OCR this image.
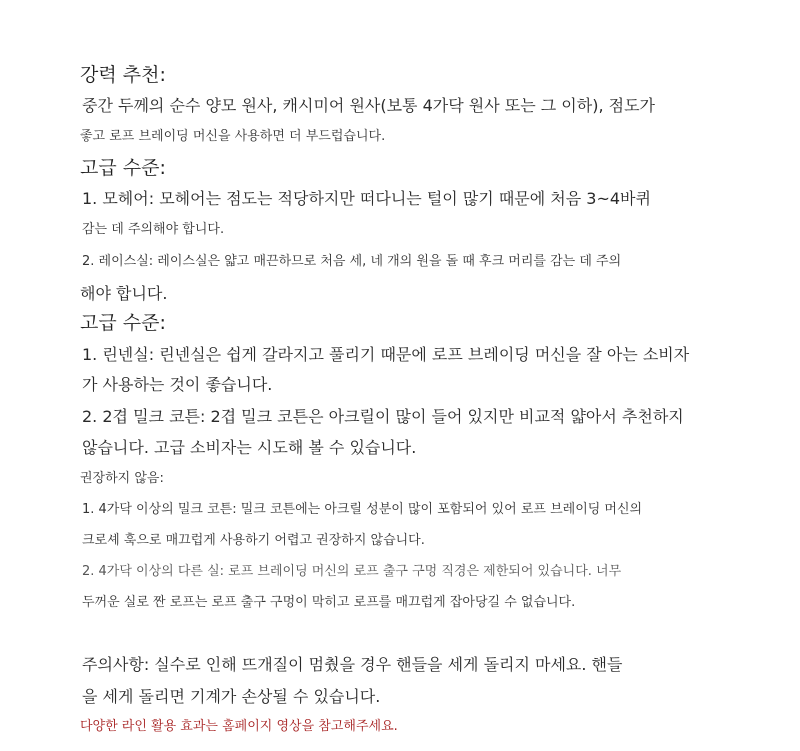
강력 추천:
중간 두께의 순수 양모 원사, 캐시미어 원사(보통 4가닥 원사 또는 그 이하), 점도가
좋고 로프 브레이딩 머신을 사용하면 더 부드럽습니다.
고급 수준:
1. 모헤어: 모헤어는 점도는 적당하지만 떠다니는 털이 많기 때문에 처음 3~4바퀴
감는 데 주의해야 합니다.
2. 레이스실: 레이스실은 얇고 매끈하므로 처음 세, 네 개의 원을 돌 때 후크 머리를 감는 데 주의
해야 합니다.
고급 수준:
1. 린넨실: 린넨실은 쉽게 갈라지고 풀리기 때문에 로프 브레이딩 머신을 잘 아는 소비자
가 사용하는 것이 좋습니다.
2. 2겹 밀크 코튼: 2겹 밀크 코튼은 아크릴이 많이 들어 있지만 비교적 얇아서 추천하지
않습니다. 고급 소비자는 시도해 볼 수 있습니다.
권장하지 않음:
1. 4가닥 이상의 밀크 코튼: 밀크 코튼에는 아크릴 성분이 많이 포함되어 있어 로프 브레이딩 머신의
크로셰 훅으로 매끄럽게 사용하기 어렵고 권장하지 않습니다.
2. 4가닥 이상의 다른 실: 로프 브레이딩 머신의 로프 출구 구멍 직경은 제한되어 있습니다. 너무
두꺼운 실로 짠 로프는 로프 출구 구멍이 막히고 로프를 매끄럽게 잡아당길 수 없습니다.
주의사항: 실수로 인해 뜨개질이 멈췄을 경우 핸들을 세게 돌리지 마세요. 핸들
을 세게 돌리면 기계가 손상될 수 있습니다.
다양한 라인 활용 효과는 홈페이지 영상을 참고해주세요.
